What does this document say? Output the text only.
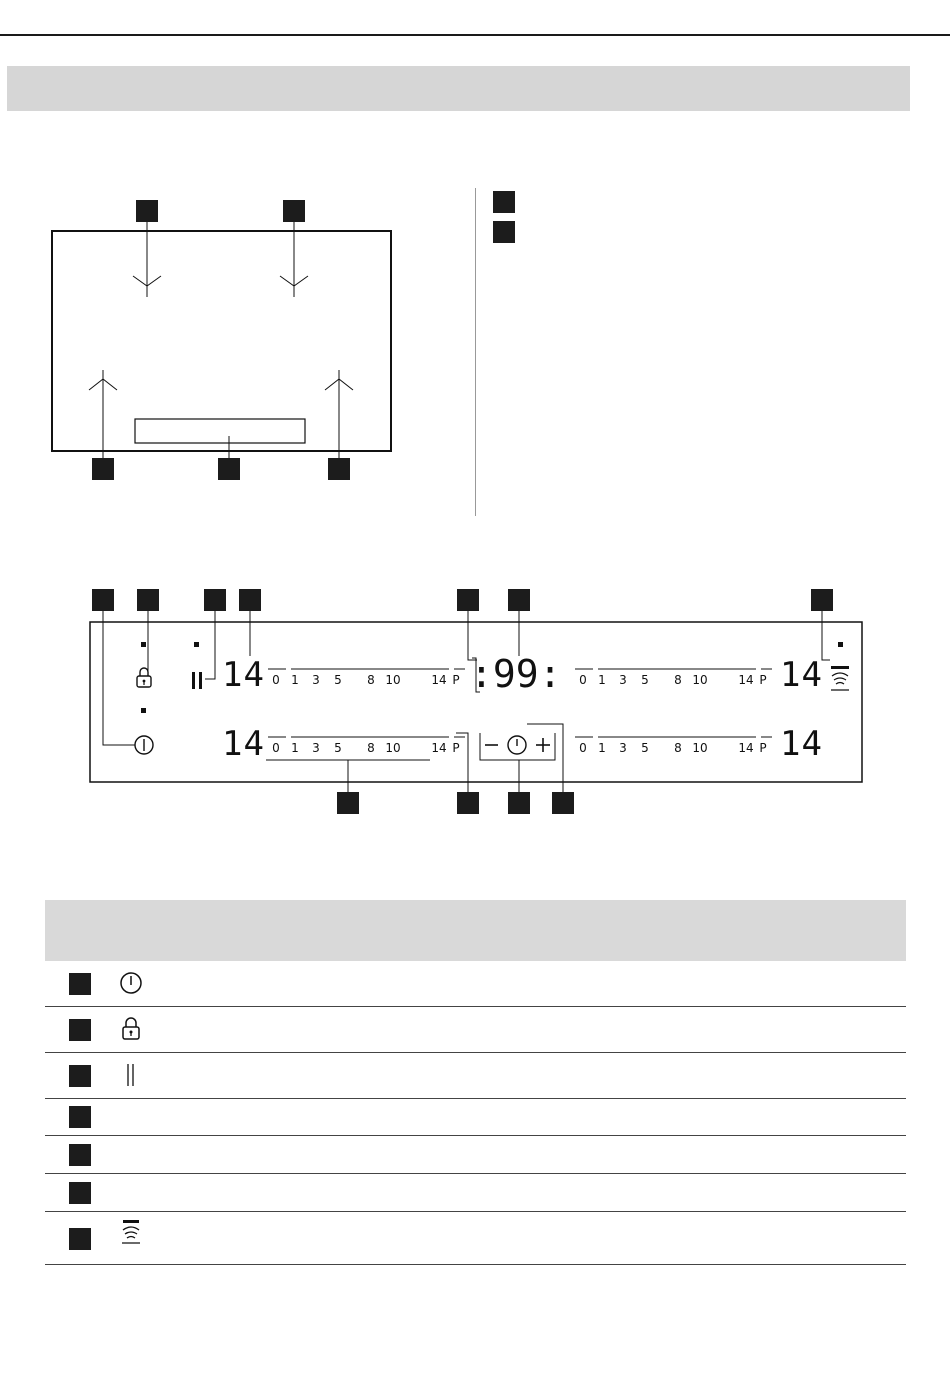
0 1 3 5 8 10	14 P
0 1 3 5 8 10	14 P
0 1 3 5 8 10	14 P
0 1 3 5 8 10	14 P
14
14
14
14
:99:
